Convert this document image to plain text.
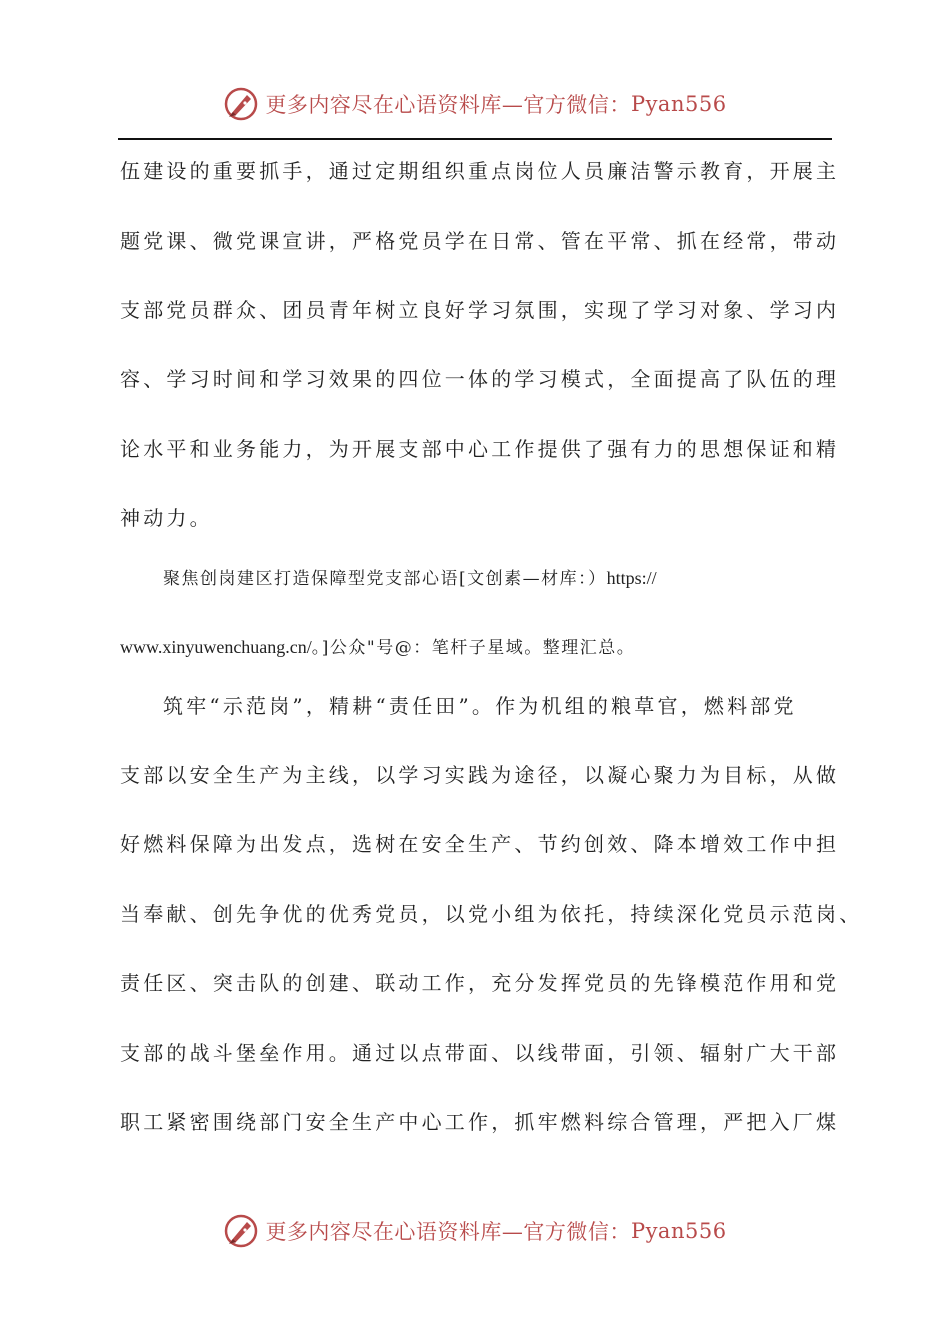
更多内容尽在心语资料库—官方微信： Pyan556
伍建设的重要抓手，通过定期组织重点岗位人员廉洁警示教育，开展主
题党课、微党课宣讲，严格党员学在日常、管在平常、抓在经常，带动
支部党员群众、团员青年树立良好学习氛围，实现了学习对象、学习内
容、学习时间和学习效果的四位一体的学习模式，全面提高了队伍的理
论水平和业务能力，为开展支部中心工作提供了强有力的思想保证和精
神动力。
聚焦创岗建区打造保障型党支部心语[文创素—材库：）https://
www.xinyuwenchuang.cn/。]公众"号@：笔杆子星域。整理汇总。
筑牢“示范岗”，精耕“责任田”。作为机组的粮草官，燃料部党
支部以安全生产为主线，以学习实践为途径，以凝心聚力为目标，从做
好燃料保障为出发点，选树在安全生产、节约创效、降本增效工作中担
当奉献、创先争优的优秀党员，以党小组为依托，持续深化党员示范岗、
责任区、突击队的创建、联动工作，充分发挥党员的先锋模范作用和党
支部的战斗堡垒作用。通过以点带面、以线带面，引领、辐射广大干部
职工紧密围绕部门安全生产中心工作，抓牢燃料综合管理，严把入厂煤
更多内容尽在心语资料库—官方微信： Pyan556
